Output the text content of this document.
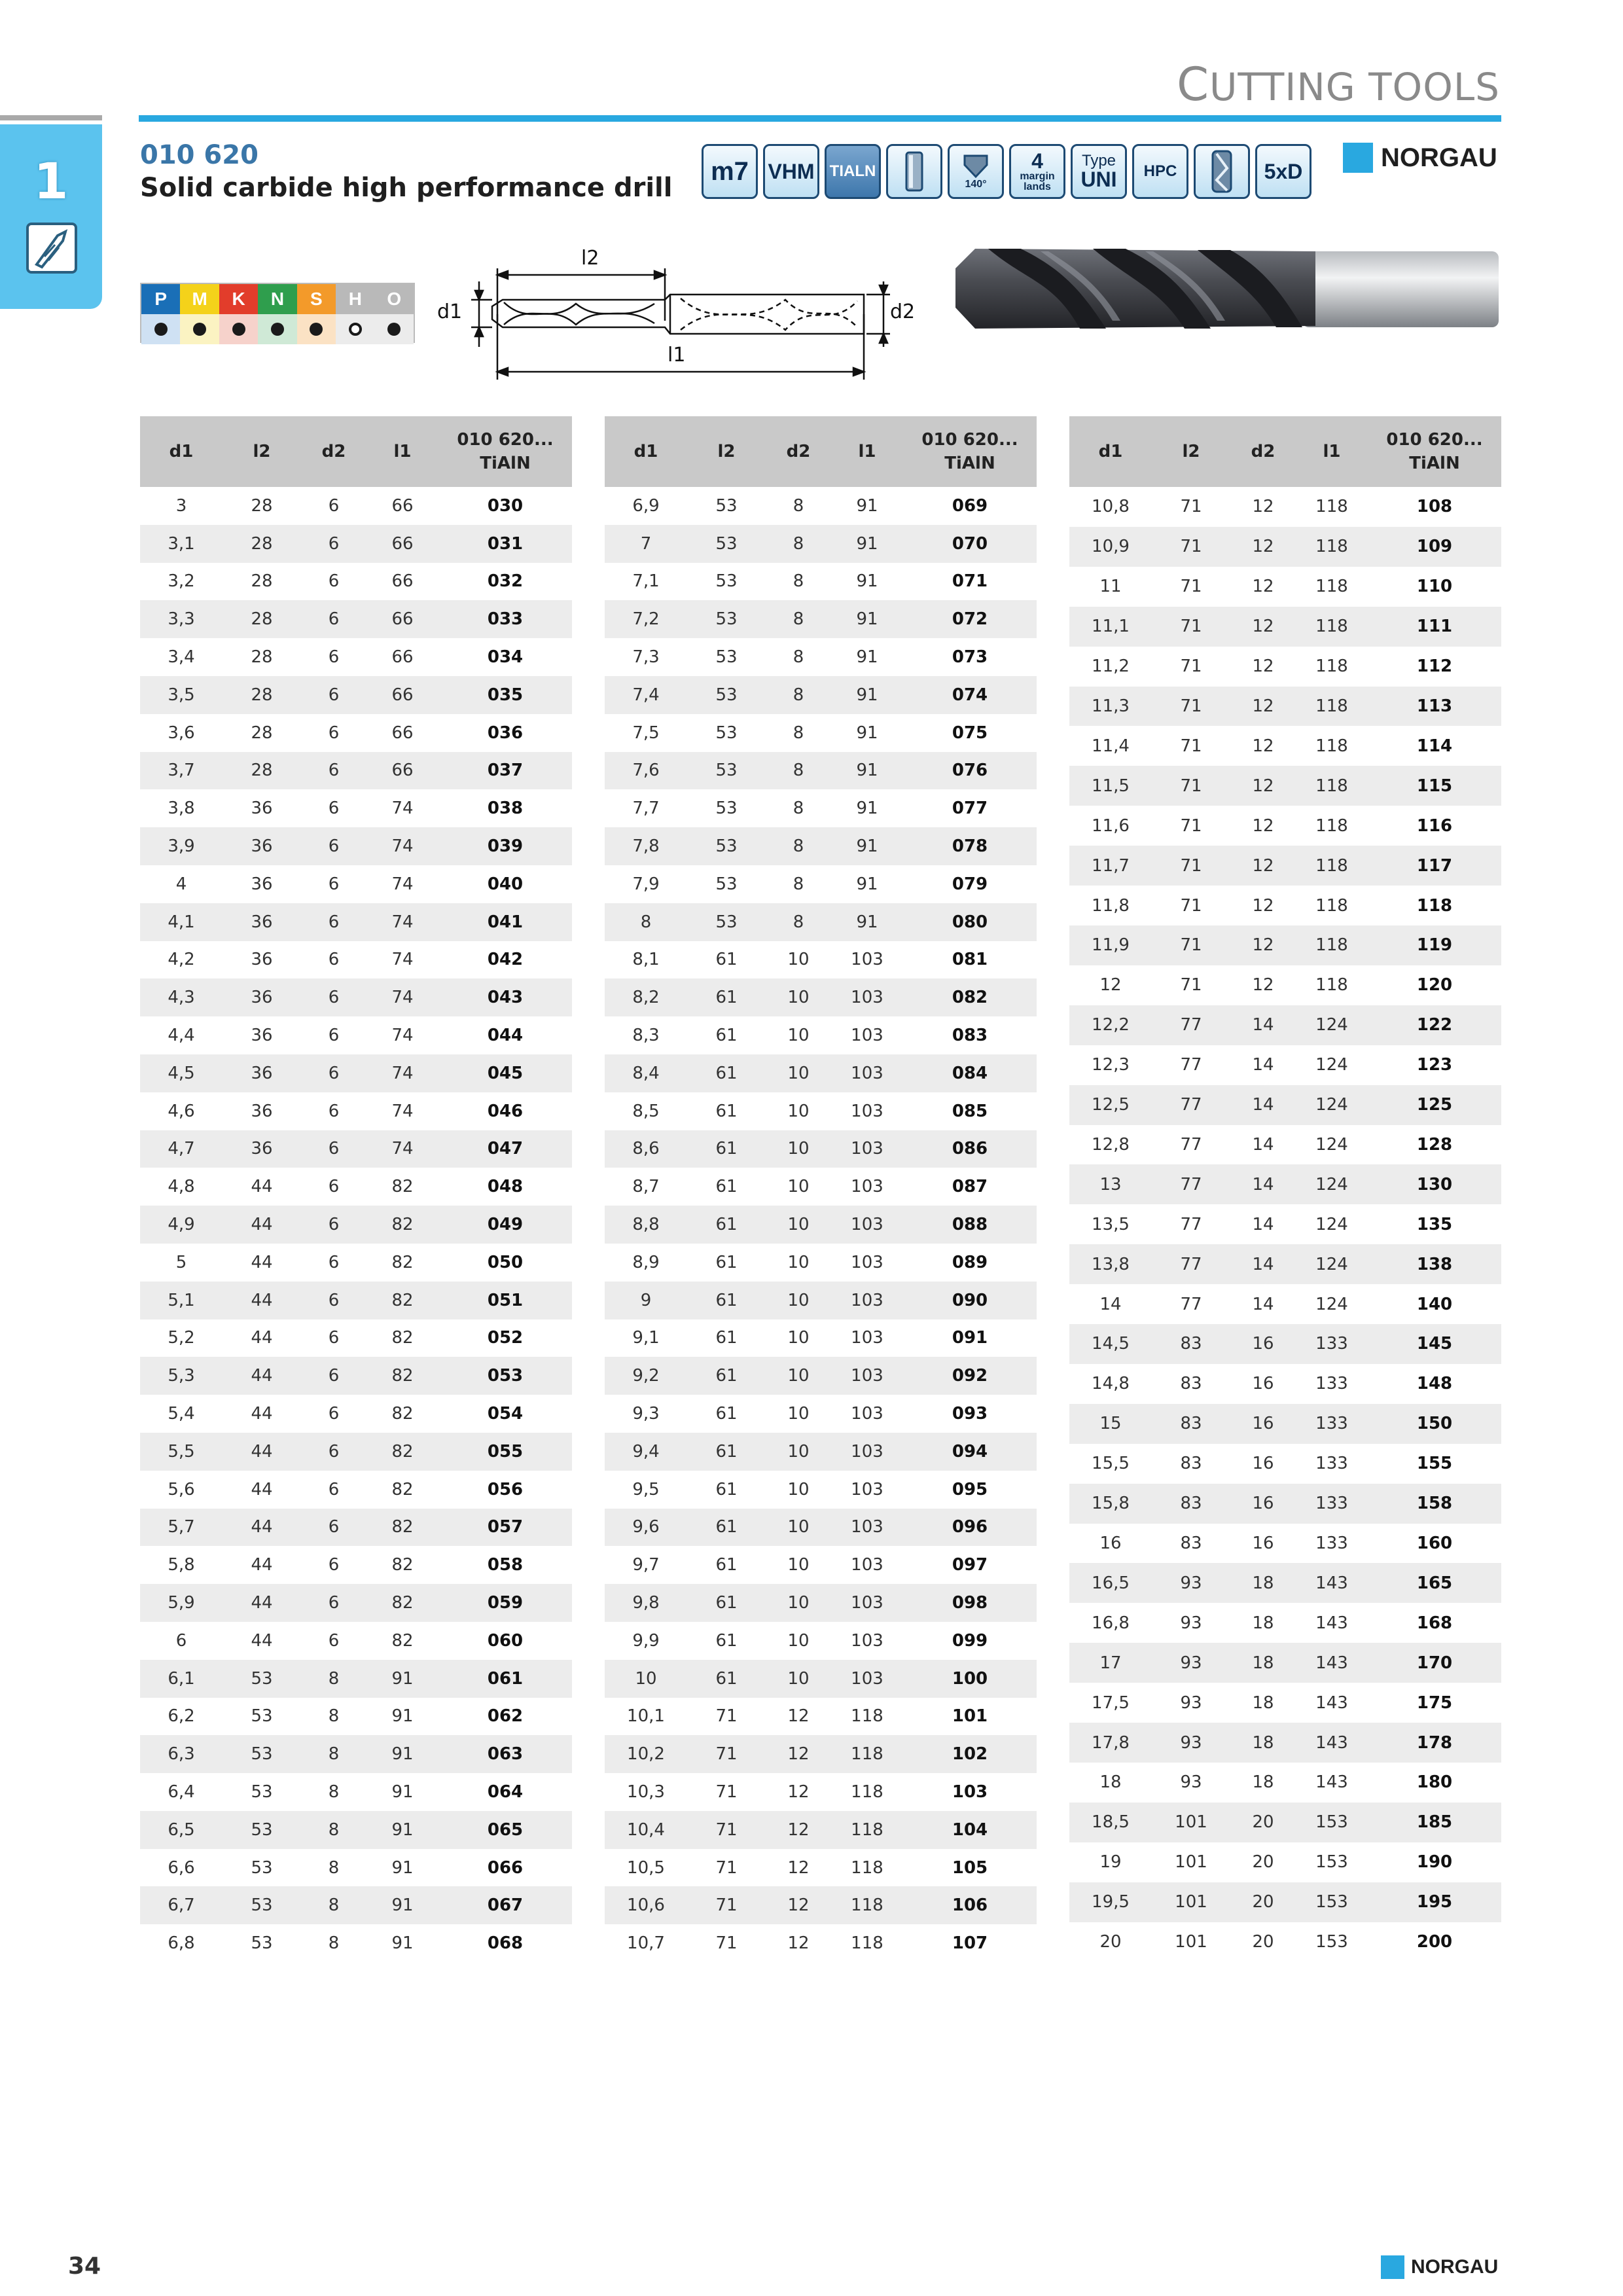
CUTTING TOOLS
1	010 620
Solid carbide high performance drill
m7 VHM TIALN
140°
4
margin
lands
Type
UNI HPC	5xD	NORGAU
P	M	K	N	S	H	O
l2
l1
d1	d2
d1	l2	d2	l1	010 620...
TiAlN

3	28	6	66	030
3,1	28	6	66	031
3,2	28	6	66	032
3,3	28	6	66	033
3,4	28	6	66	034
3,5	28	6	66	035
3,6	28	6	66	036
3,7	28	6	66	037
3,8	36	6	74	038
3,9	36	6	74	039
4	36	6	74	040
4,1	36	6	74	041
4,2	36	6	74	042
4,3	36	6	74	043
4,4	36	6	74	044
4,5	36	6	74	045
4,6	36	6	74	046
4,7	36	6	74	047
4,8	44	6	82	048
4,9	44	6	82	049
5	44	6	82	050
5,1	44	6	82	051
5,2	44	6	82	052
5,3	44	6	82	053
5,4	44	6	82	054
5,5	44	6	82	055
5,6	44	6	82	056
5,7	44	6	82	057
5,8	44	6	82	058
5,9	44	6	82	059
6	44	6	82	060
6,1	53	8	91	061
6,2	53	8	91	062
6,3	53	8	91	063
6,4	53	8	91	064
6,5	53	8	91	065
6,6	53	8	91	066
6,7	53	8	91	067
6,8	53	8	91	068
d1	l2	d2	l1	010 620...
TiAlN

6,9	53	8	91	069
7	53	8	91	070
7,1	53	8	91	071
7,2	53	8	91	072
7,3	53	8	91	073
7,4	53	8	91	074
7,5	53	8	91	075
7,6	53	8	91	076
7,7	53	8	91	077
7,8	53	8	91	078
7,9	53	8	91	079
8	53	8	91	080
8,1	61	10	103	081
8,2	61	10	103	082
8,3	61	10	103	083
8,4	61	10	103	084
8,5	61	10	103	085
8,6	61	10	103	086
8,7	61	10	103	087
8,8	61	10	103	088
8,9	61	10	103	089
9	61	10	103	090
9,1	61	10	103	091
9,2	61	10	103	092
9,3	61	10	103	093
9,4	61	10	103	094
9,5	61	10	103	095
9,6	61	10	103	096
9,7	61	10	103	097
9,8	61	10	103	098
9,9	61	10	103	099
10	61	10	103	100
10,1	71	12	118	101
10,2	71	12	118	102
10,3	71	12	118	103
10,4	71	12	118	104
10,5	71	12	118	105
10,6	71	12	118	106
10,7	71	12	118	107
d1	l2	d2	l1	010 620...
TiAlN

10,8	71	12	118	108
10,9	71	12	118	109
11	71	12	118	110
11,1	71	12	118	111
11,2	71	12	118	112
11,3	71	12	118	113
11,4	71	12	118	114
11,5	71	12	118	115
11,6	71	12	118	116
11,7	71	12	118	117
11,8	71	12	118	118
11,9	71	12	118	119
12	71	12	118	120
12,2	77	14	124	122
12,3	77	14	124	123
12,5	77	14	124	125
12,8	77	14	124	128
13	77	14	124	130
13,5	77	14	124	135
13,8	77	14	124	138
14	77	14	124	140
14,5	83	16	133	145
14,8	83	16	133	148
15	83	16	133	150
15,5	83	16	133	155
15,8	83	16	133	158
16	83	16	133	160
16,5	93	18	143	165
16,8	93	18	143	168
17	93	18	143	170
17,5	93	18	143	175
17,8	93	18	143	178
18	93	18	143	180
18,5	101	20	153	185
19	101	20	153	190
19,5	101	20	153	195
20	101	20	153	200
34	NORGAU
